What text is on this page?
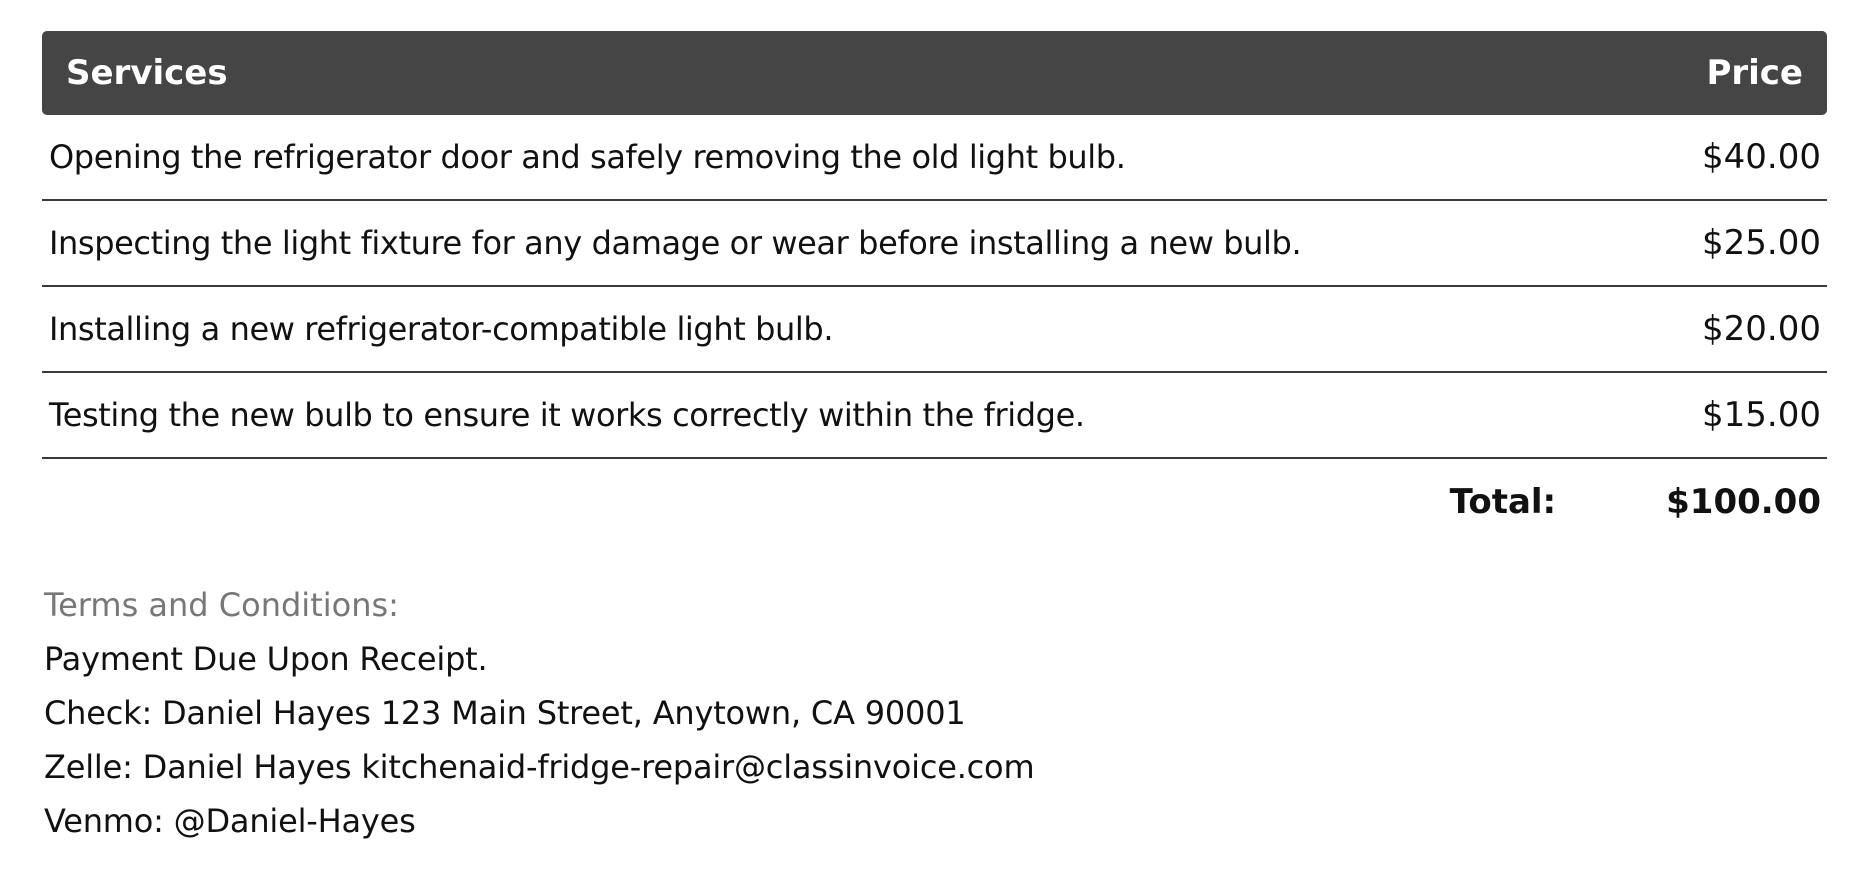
Services	Price
Opening the refrigerator door and safely removing the old light bulb.	$40.00
Inspecting the light fixture for any damage or wear before installing a new bulb.	$25.00
Installing a new refrigerator-compatible light bulb.	$20.00
Testing the new bulb to ensure it works correctly within the fridge.	$15.00
Total:	$100.00

Terms and Conditions:

Payment Due Upon Receipt.

Check: Daniel Hayes 123 Main Street, Anytown, CA 90001

Zelle: Daniel Hayes kitchenaid-fridge-repair@classinvoice.com

Venmo: @Daniel-Hayes
